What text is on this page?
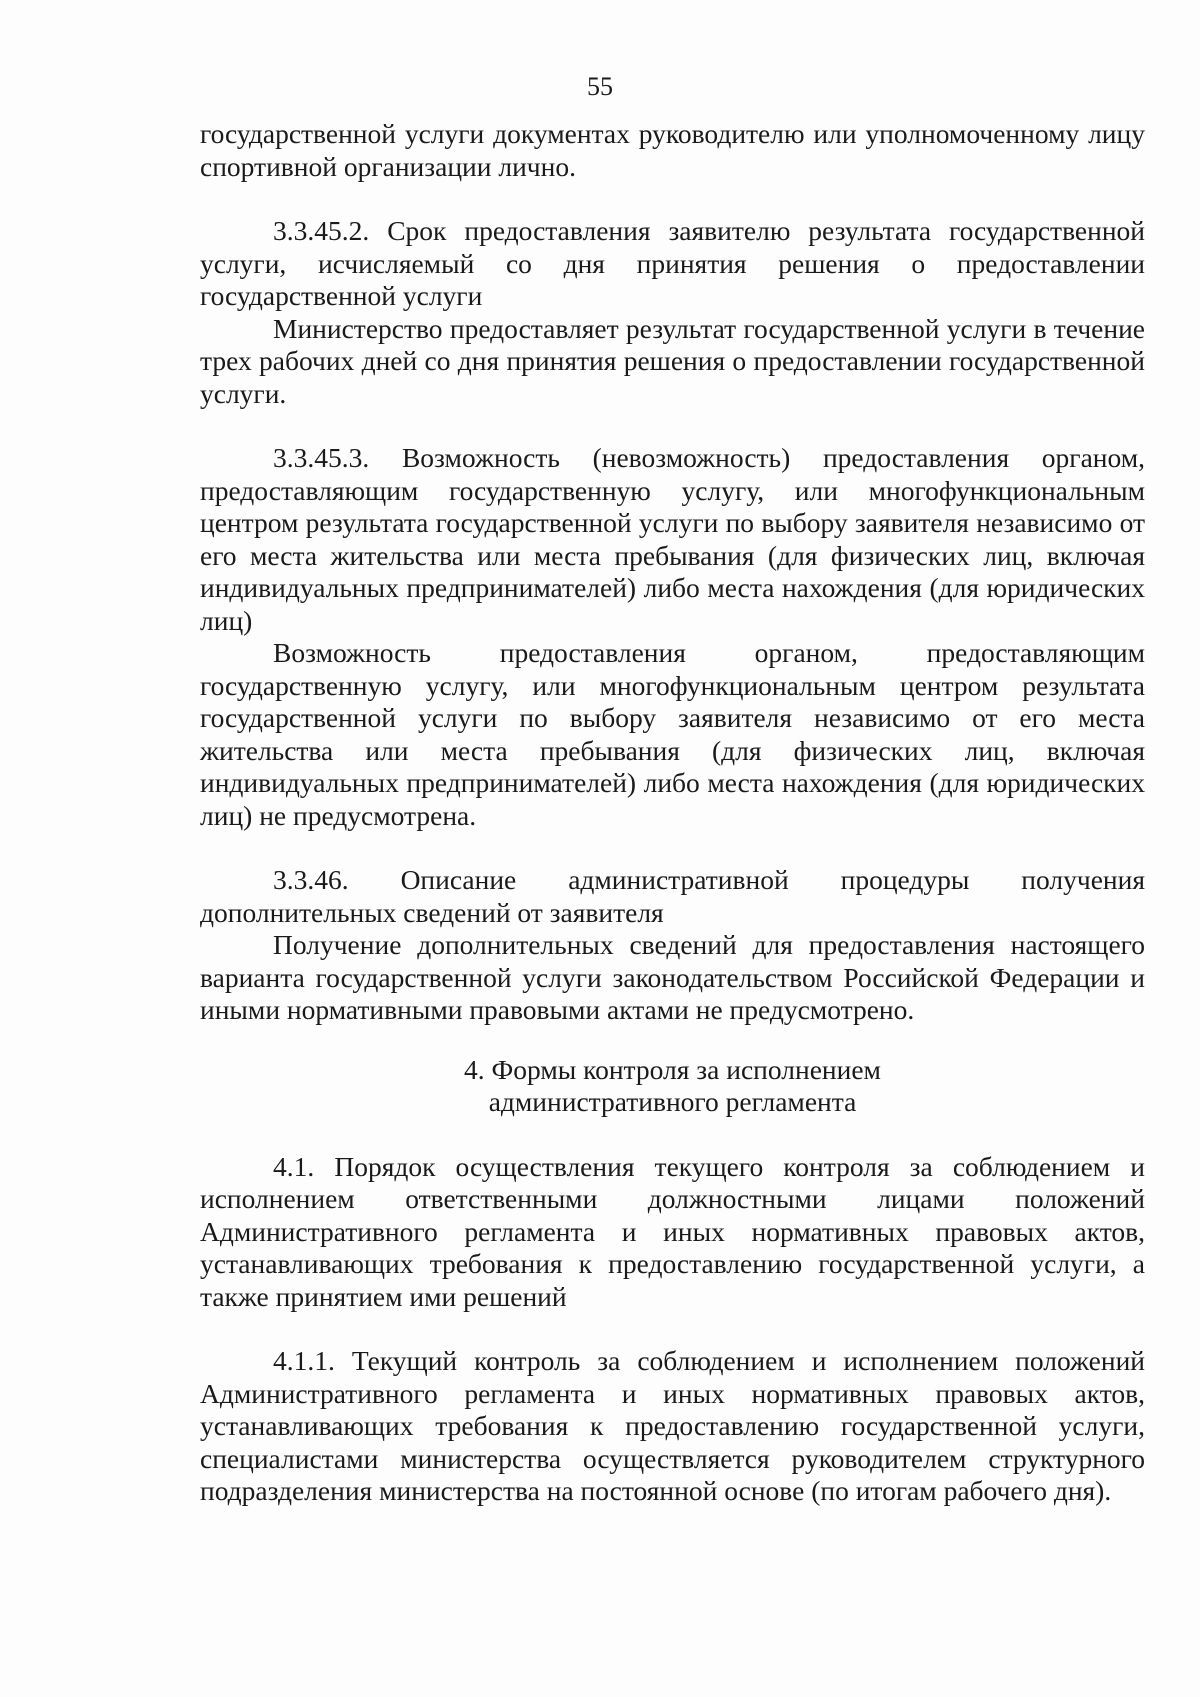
55

государственной услуги документах руководителю или уполномоченному лицу спортивной организации лично.

3.3.45.2. Срок предоставления заявителю результата государственной услуги, исчисляемый со дня принятия решения о предоставлении государственной услуги

Министерство предоставляет результат государственной услуги в течение трех рабочих дней со дня принятия решения о предоставлении государственной услуги.

3.3.45.3. Возможность (невозможность) предоставления органом, предоставляющим государственную услугу, или многофункциональным центром результата государственной услуги по выбору заявителя независимо от его места жительства или места пребывания (для физических лиц, включая индивидуальных предпринимателей) либо места нахождения (для юридических лиц)

Возможность предоставления органом, предоставляющим государственную услугу, или многофункциональным центром результата государственной услуги по выбору заявителя независимо от его места жительства или места пребывания (для физических лиц, включая индивидуальных предпринимателей) либо места нахождения (для юридических лиц) не предусмотрена.

3.3.46. Описание административной процедуры получения дополнительных сведений от заявителя

Получение дополнительных сведений для предоставления настоящего варианта государственной услуги законодательством Российской Федерации и иными нормативными правовыми актами не предусмотрено.

4. Формы контроля за исполнением
административного регламента

4.1. Порядок осуществления текущего контроля за соблюдением и исполнением ответственными должностными лицами положений Административного регламента и иных нормативных правовых актов, устанавливающих требования к предоставлению государственной услуги, а также принятием ими решений

4.1.1. Текущий контроль за соблюдением и исполнением положений Административного регламента и иных нормативных правовых актов, устанавливающих требования к предоставлению государственной услуги, специалистами министерства осуществляется руководителем структурного подразделения министерства на постоянной основе (по итогам рабочего дня).
